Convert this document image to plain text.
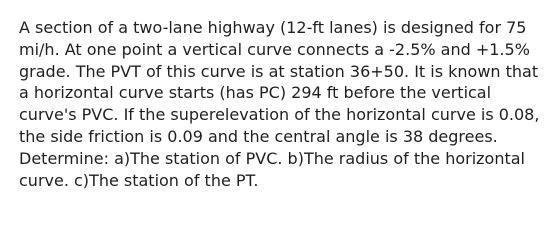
A section of a two-lane highway (12-ft lanes) is designed for 75
mi/h. At one point a vertical curve connects a -2.5% and +1.5%
grade. The PVT of this curve is at station 36+50. It is known that
a horizontal curve starts (has PC) 294 ft before the vertical
curve's PVC. If the superelevation of the horizontal curve is 0.08,
the side friction is 0.09 and the central angle is 38 degrees.
Determine: a)The station of PVC. b)The radius of the horizontal
curve. c)The station of the PT.
